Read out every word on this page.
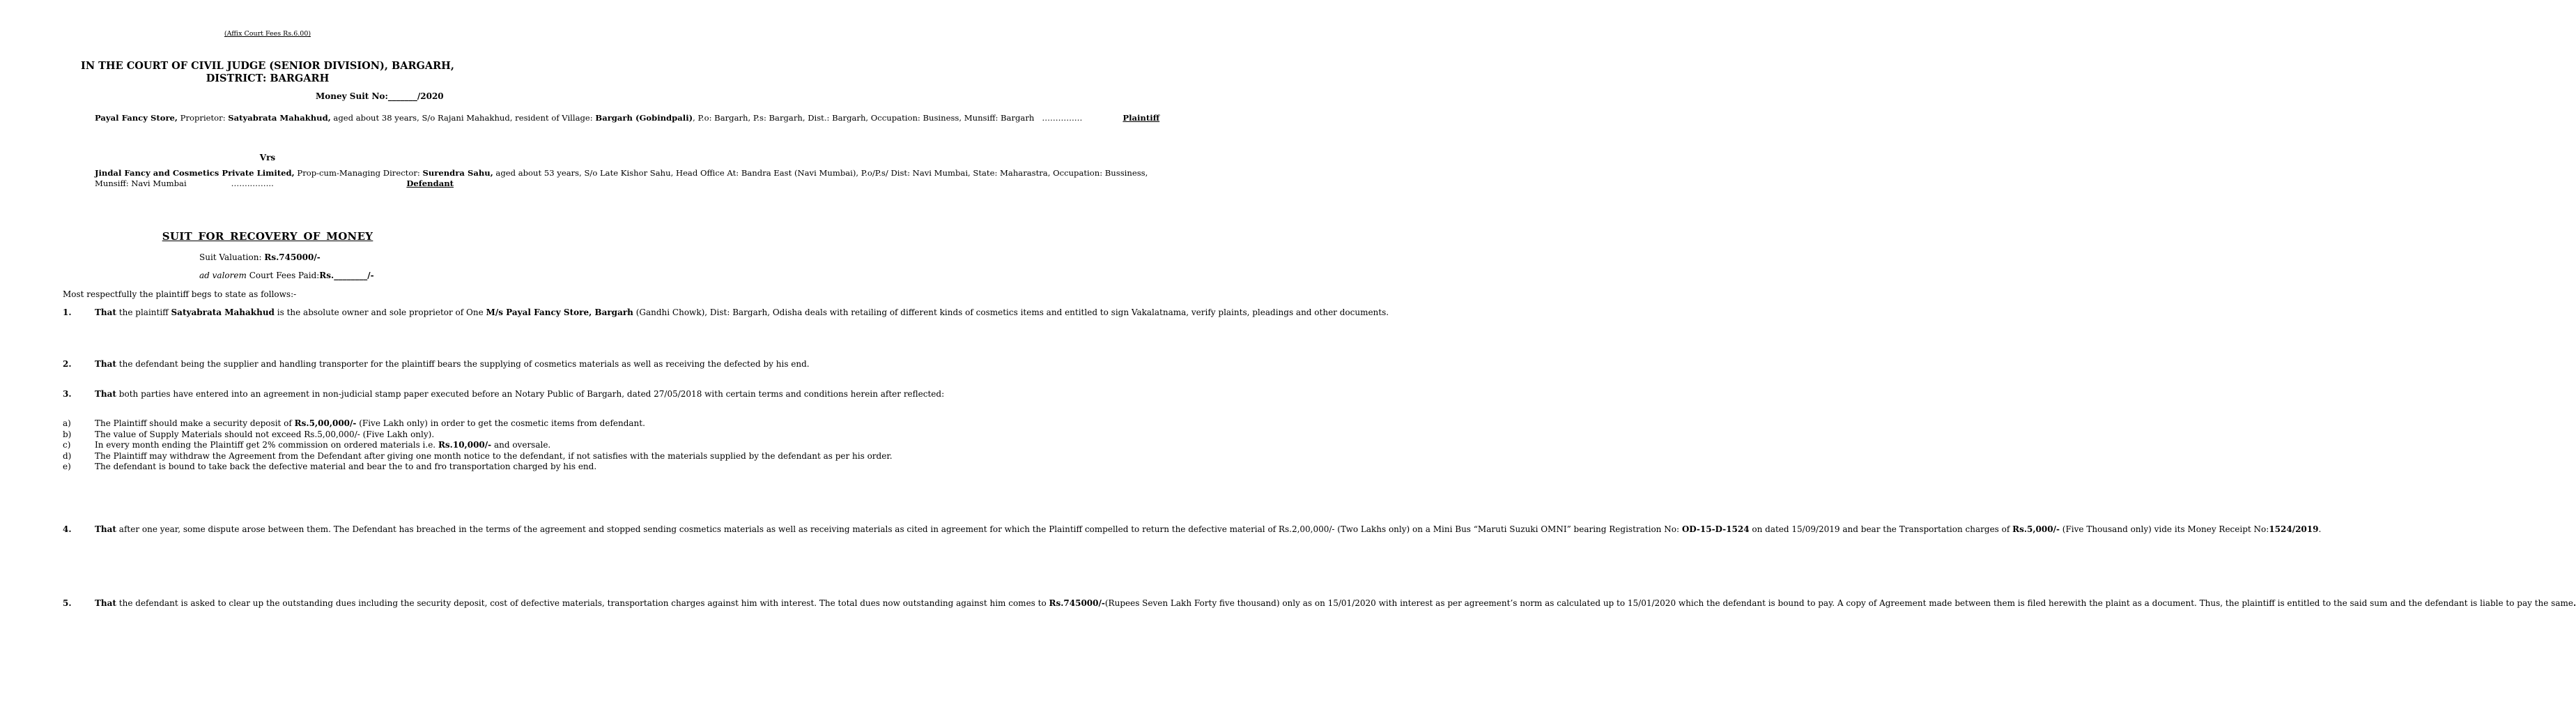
(Affix Court Fees Rs.6.00)
IN THE COURT OF CIVIL JUDGE (SENIOR DIVISION), BARGARH,
DISTRICT: BARGARH
Money Suit No:_______/2020

Payal Fancy Store, Proprietor: Satyabrata Mahakhud, aged about 38 years, S/o Rajani Mahakhud, resident of Village: Bargarh (Gobindpali), P.o: Bargarh, P.s: Bargarh, Dist.: Bargarh, Occupation: Business, Munsiff: Bargarh ……………	Plaintiff

Vrs

Jindal Fancy and Cosmetics Private Limited, Prop-cum-Managing Director: Surendra Sahu, aged about 53 years, S/o Late Kishor Sahu, Head Office At: Bandra East (Navi Mumbai), P.o/P.s/ Dist: Navi Mumbai, State: Maharastra, Occupation: Bussiness,

Munsiff: Navi Mumbai	……..……..	Defendant
SUIT FOR RECOVERY OF MONEY
Suit Valuation: Rs.745000/-
ad valorem Court Fees Paid:Rs.________/-
Most respectfully the plaintiff begs to state as follows:-

1.	That the plaintiff Satyabrata Mahakhud is the absolute owner and sole proprietor of One M/s Payal Fancy Store, Bargarh (Gandhi Chowk), Dist: Bargarh, Odisha deals with retailing of different kinds of cosmetics items and entitled to sign Vakalatnama, verify plaints, pleadings and other documents.

2.	That the defendant being the supplier and handling transporter for the plaintiff bears the supplying of cosmetics materials as well as receiving the defected by his end.

3.	That both parties have entered into an agreement in non-judicial stamp paper executed before an Notary Public of Bargarh, dated 27/05/2018 with certain terms and conditions herein after reflected:

a)	The Plaintiff should make a security deposit of Rs.5,00,000/- (Five Lakh only) in order to get the cosmetic items from defendant.
b)	The value of Supply Materials should not exceed Rs.5,00,000/- (Five Lakh only).
c)	In every month ending the Plaintiff get 2% commission on ordered materials i.e. Rs.10,000/- and oversale.
d)	The Plaintiff may withdraw the Agreement from the Defendant after giving one month notice to the defendant, if not satisfies with the materials supplied by the defendant as per his order.
e)	The defendant is bound to take back the defective material and bear the to and fro transportation charged by his end.

4.	That after one year, some dispute arose between them. The Defendant has breached in the terms of the agreement and stopped sending cosmetics materials as well as receiving materials as cited in agreement for which the Plaintiff compelled to return the defective material of Rs.2,00,000/- (Two Lakhs only) on a Mini Bus “Maruti Suzuki OMNI” bearing Registration No: OD-15-D-1524 on dated 15/09/2019 and bear the Transportation charges of Rs.5,000/- (Five Thousand only) vide its Money Receipt No:1524/2019.

5.	That the defendant is asked to clear up the outstanding dues including the security deposit, cost of defective materials, transportation charges against him with interest. The total dues now outstanding against him comes to Rs.745000/-(Rupees Seven Lakh Forty five thousand) only as on 15/01/2020 with interest as per agreement’s norm as calculated up to 15/01/2020 which the defendant is bound to pay. A copy of Agreement made between them is filed herewith the plaint as a document. Thus, the plaintiff is entitled to the said sum and the defendant is liable to pay the same.
